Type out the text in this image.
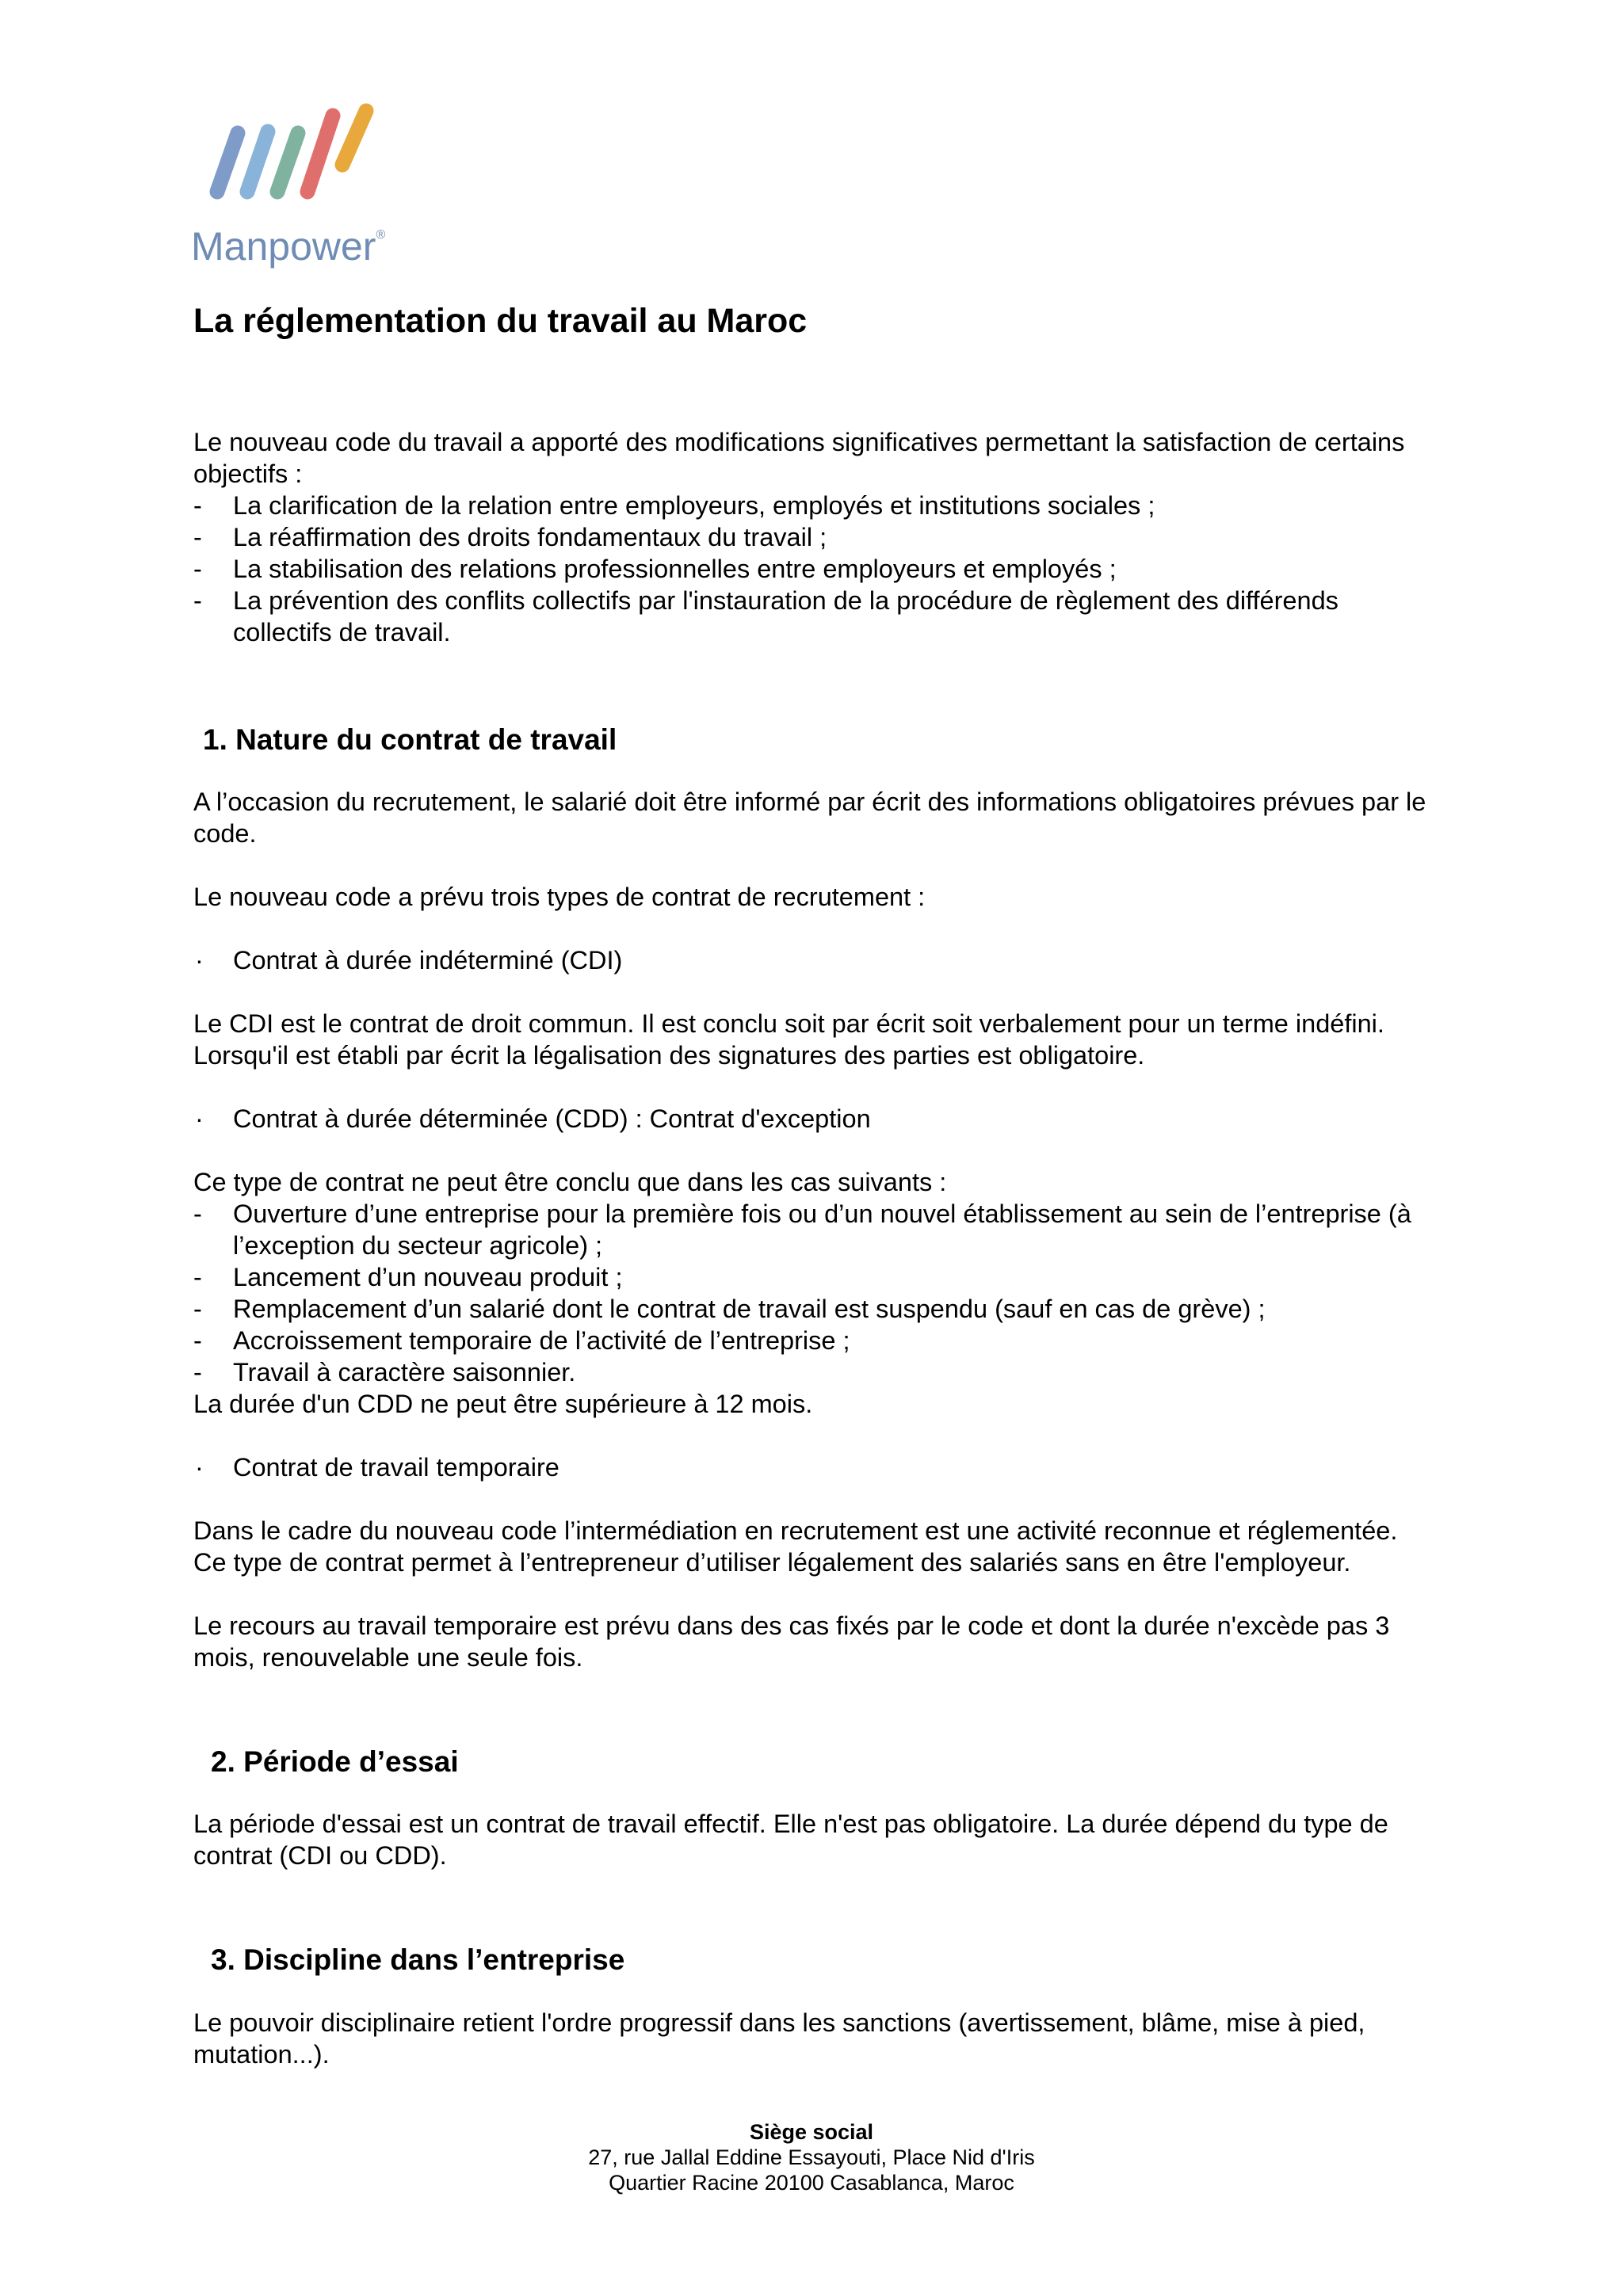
Manpower®
La réglementation du travail au Maroc

Le nouveau code du travail a apporté des modifications significatives permettant la satisfaction de certains objectifs :

- La clarification de la relation entre employeurs, employés et institutions sociales ;
- La réaffirmation des droits fondamentaux du travail ;
- La stabilisation des relations professionnelles entre employeurs et employés ;
- La prévention des conflits collectifs par l'instauration de la procédure de règlement des différends collectifs de travail.
1. Nature du contrat de travail

A l’occasion du recrutement, le salarié doit être informé par écrit des informations obligatoires prévues par le code.

Le nouveau code a prévu trois types de contrat de recrutement :

· Contrat à durée indéterminé (CDI)

Le CDI est le contrat de droit commun. Il est conclu soit par écrit soit verbalement pour un terme indéfini. Lorsqu'il est établi par écrit la légalisation des signatures des parties est obligatoire.

· Contrat à durée déterminée (CDD) : Contrat d'exception

Ce type de contrat ne peut être conclu que dans les cas suivants :

- Ouverture d’une entreprise pour la première fois ou d’un nouvel établissement au sein de l’entreprise (à l’exception du secteur agricole) ;
- Lancement d’un nouveau produit ;
- Remplacement d’un salarié dont le contrat de travail est suspendu (sauf en cas de grève) ;
- Accroissement temporaire de l’activité de l’entreprise ;
- Travail à caractère saisonnier.

La durée d'un CDD ne peut être supérieure à 12 mois.

· Contrat de travail temporaire

Dans le cadre du nouveau code l’intermédiation en recrutement est une activité reconnue et réglementée. Ce type de contrat permet à l’entrepreneur d’utiliser légalement des salariés sans en être l'employeur.

Le recours au travail temporaire est prévu dans des cas fixés par le code et dont la durée n'excède pas 3 mois, renouvelable une seule fois.

2. Période d’essai

La période d'essai est un contrat de travail effectif. Elle n'est pas obligatoire. La durée dépend du type de contrat (CDI ou CDD).

3. Discipline dans l’entreprise

Le pouvoir disciplinaire retient l'ordre progressif dans les sanctions (avertissement, blâme, mise à pied, mutation...).

Siège social
27, rue Jallal Eddine Essayouti, Place Nid d'Iris
Quartier Racine 20100 Casablanca, Maroc
